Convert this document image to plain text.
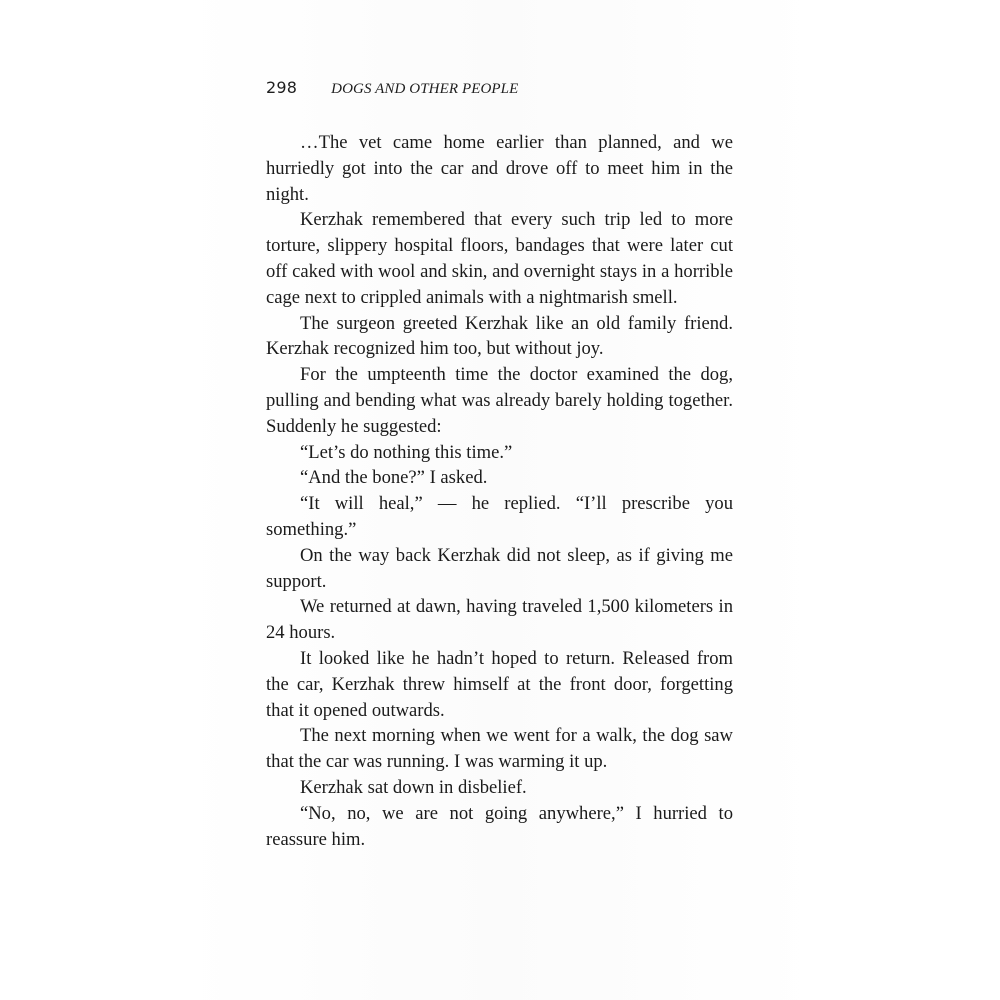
298 DOGS AND OTHER PEOPLE

…The vet came home earlier than planned, and we hurriedly got into the car and drove off to meet him in the night.

Kerzhak remembered that every such trip led to more torture, slippery hospital floors, bandages that were later cut off caked with wool and skin, and overnight stays in a horrible cage next to crippled animals with a nightmarish smell.

The surgeon greeted Kerzhak like an old family friend. Kerzhak recognized him too, but without joy.

For the umpteenth time the doctor examined the dog, pulling and bending what was already barely holding together. Suddenly he suggested:

“Let’s do nothing this time.”

“And the bone?” I asked.

“It will heal,” — he replied. “I’ll prescribe you something.”

On the way back Kerzhak did not sleep, as if giving me support.

We returned at dawn, having traveled 1,500 kilometers in 24 hours.

It looked like he hadn’t hoped to return. Released from the car, Kerzhak threw himself at the front door, forgetting that it opened outwards.

The next morning when we went for a walk, the dog saw that the car was running. I was warming it up.

Kerzhak sat down in disbelief.

“No, no, we are not going anywhere,” I hurried to reassure him.
